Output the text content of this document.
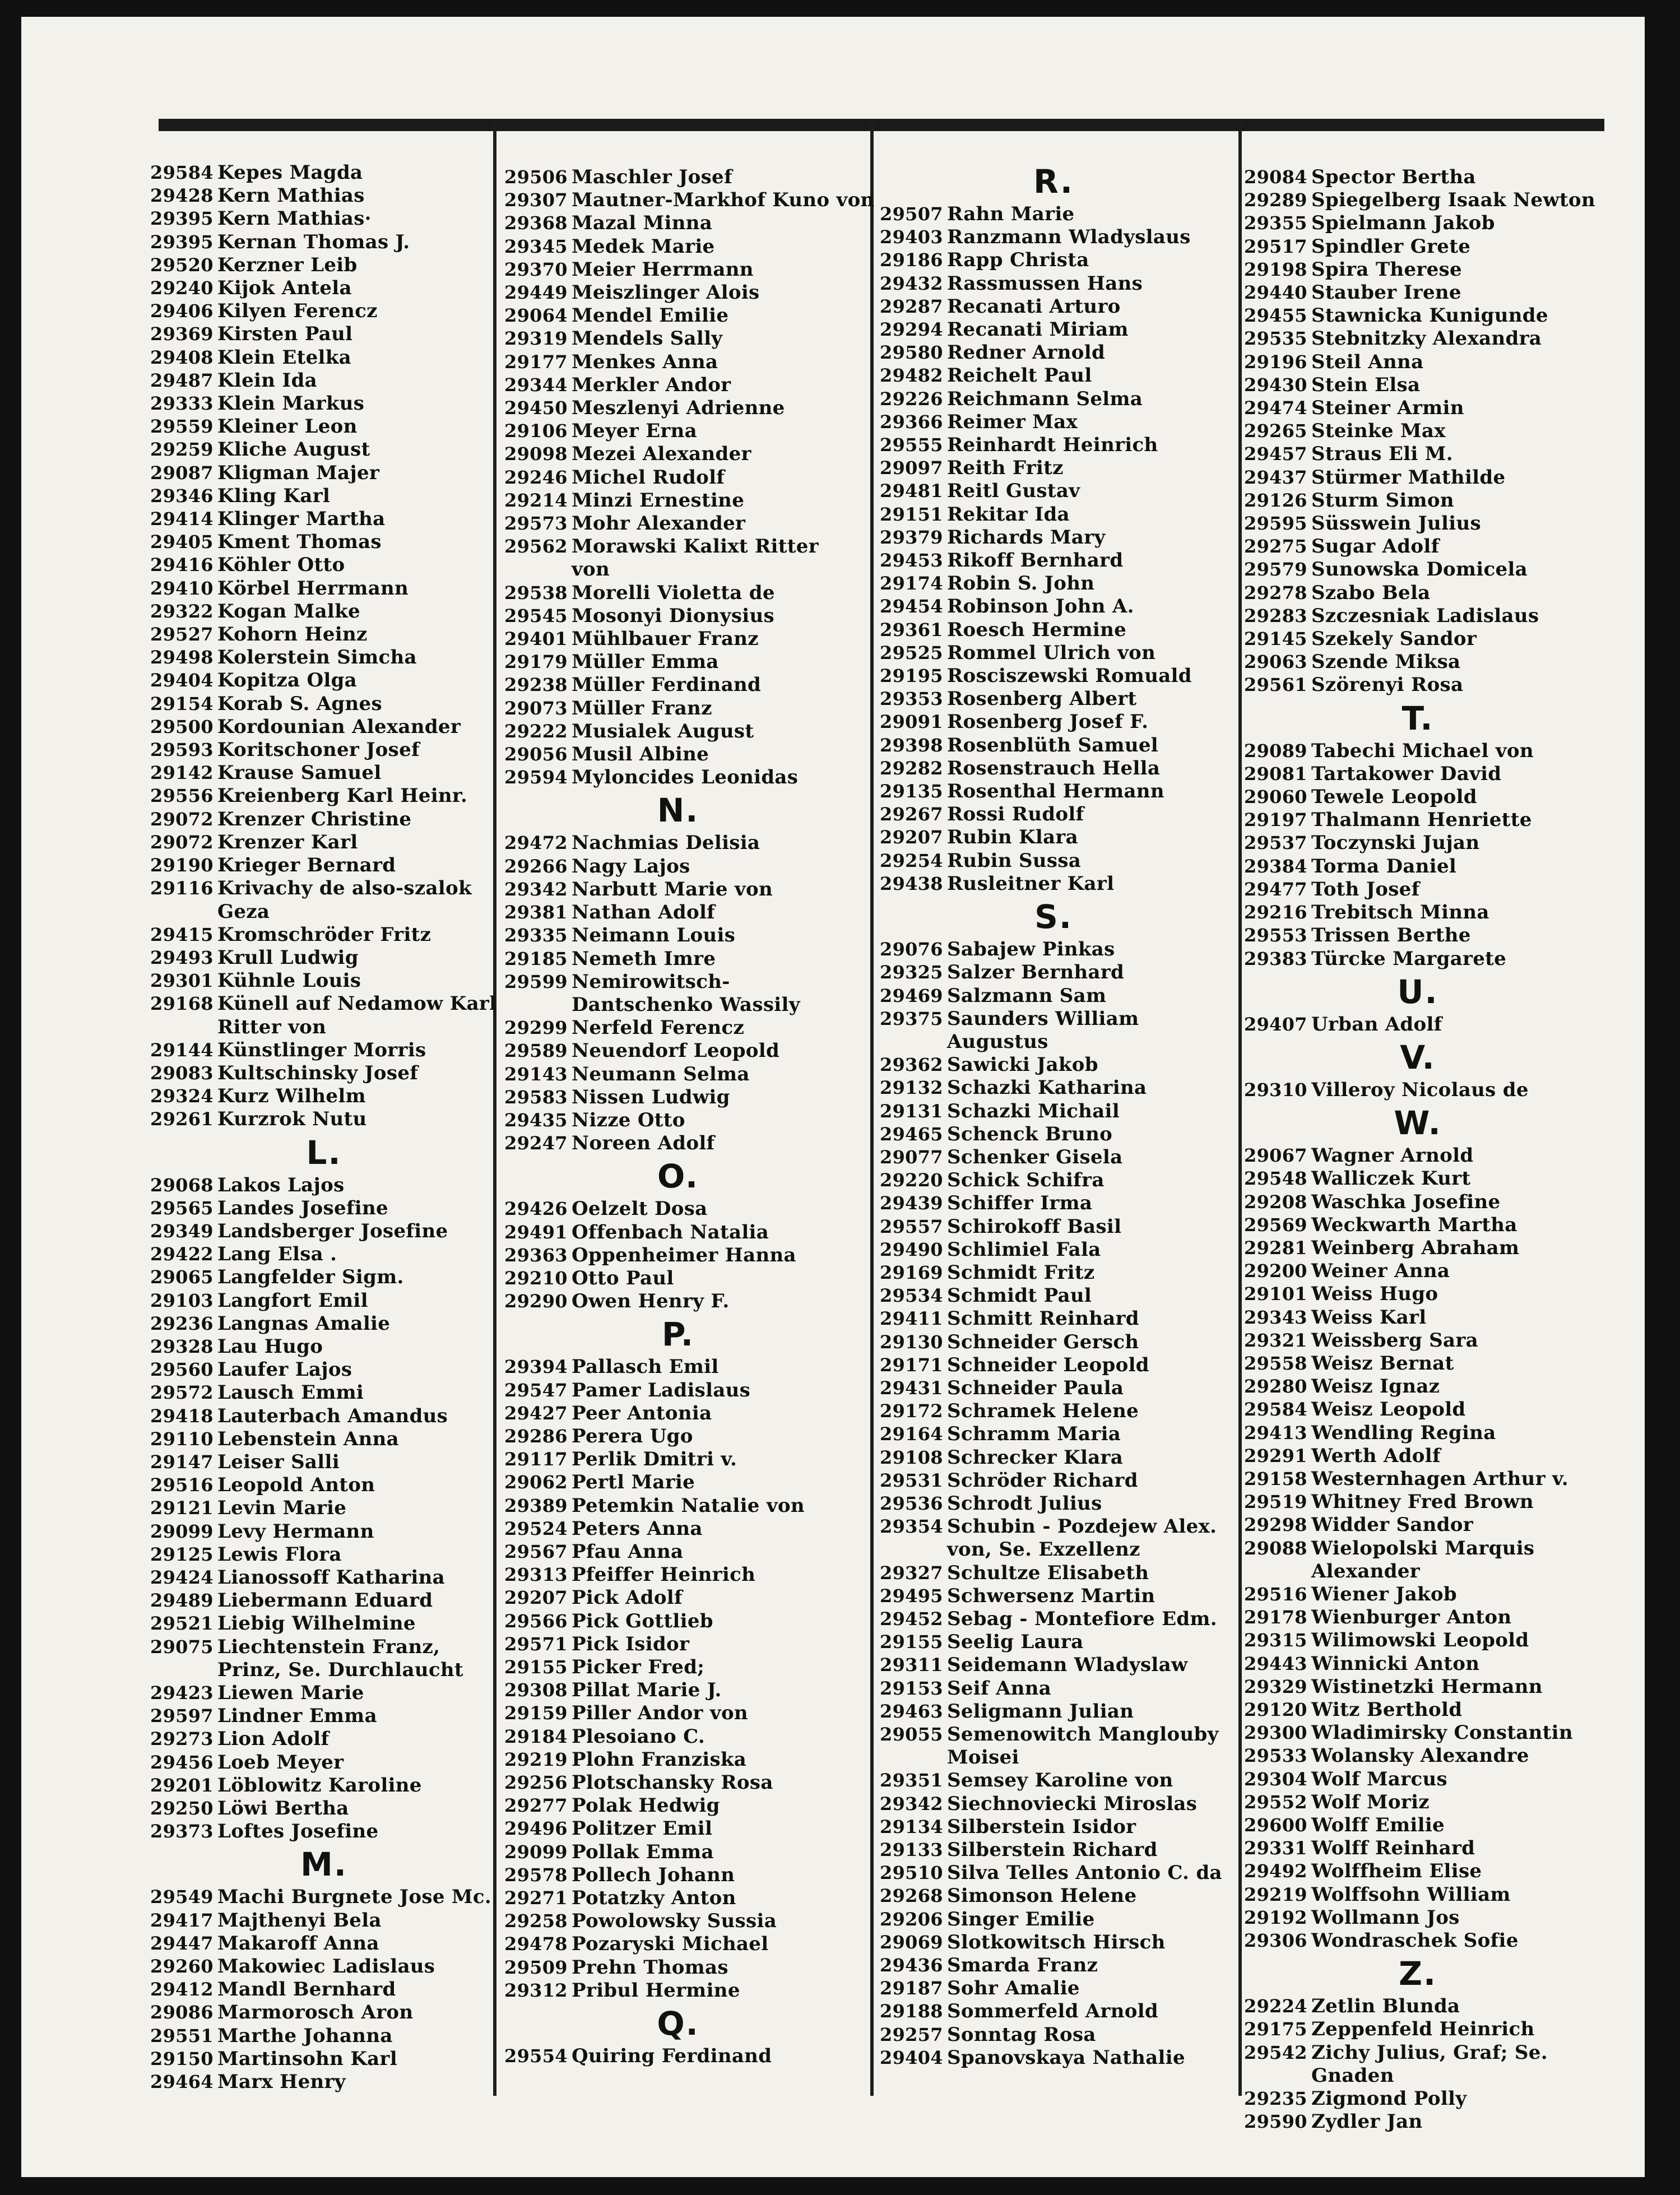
29584 Kepes Magda
29428 Kern Mathias
29395 Kern Mathias·
29395 Kernan Thomas J.
29520 Kerzner Leib
29240 Kijok Antela
29406 Kilyen Ferencz
29369 Kirsten Paul
29408 Klein Etelka
29487 Klein Ida
29333 Klein Markus
29559 Kleiner Leon
29259 Kliche August
29087 Kligman Majer
29346 Kling Karl
29414 Klinger Martha
29405 Kment Thomas
29416 Köhler Otto
29410 Körbel Herrmann
29322 Kogan Malke
29527 Kohorn Heinz
29498 Kolerstein Simcha
29404 Kopitza Olga
29154 Korab S. Agnes
29500 Kordounian Alexander
29593 Koritschoner Josef
29142 Krause Samuel
29556 Kreienberg Karl Heinr.
29072 Krenzer Christine
29072 Krenzer Karl
29190 Krieger Bernard
29116 Krivachy de also-szalok Geza
29415 Kromschröder Fritz
29493 Krull Ludwig
29301 Kühnle Louis
29168 Künell auf Nedamow Karl Ritter von
29144 Künstlinger Morris
29083 Kultschinsky Josef
29324 Kurz Wilhelm
29261 Kurzrok Nutu
L.
29068 Lakos Lajos
29565 Landes Josefine
29349 Landsberger Josefine
29422 Lang Elsa .
29065 Langfelder Sigm.
29103 Langfort Emil
29236 Langnas Amalie
29328 Lau Hugo
29560 Laufer Lajos
29572 Lausch Emmi
29418 Lauterbach Amandus
29110 Lebenstein Anna
29147 Leiser Salli
29516 Leopold Anton
29121 Levin Marie
29099 Levy Hermann
29125 Lewis Flora
29424 Lianossoff Katharina
29489 Liebermann Eduard
29521 Liebig Wilhelmine
29075 Liechtenstein Franz, Prinz, Se. Durchlaucht
29423 Liewen Marie
29597 Lindner Emma
29273 Lion Adolf
29456 Loeb Meyer
29201 Löblowitz Karoline
29250 Löwi Bertha
29373 Loftes Josefine
M.
29549 Machi Burgnete Jose Mc.
29417 Majthenyi Bela
29447 Makaroff Anna
29260 Makowiec Ladislaus
29412 Mandl Bernhard
29086 Marmorosch Aron
29551 Marthe Johanna
29150 Martinsohn Karl
29464 Marx Henry
29506 Maschler Josef
29307 Mautner-Markhof Kuno von
29368 Mazal Minna
29345 Medek Marie
29370 Meier Herrmann
29449 Meiszlinger Alois
29064 Mendel Emilie
29319 Mendels Sally
29177 Menkes Anna
29344 Merkler Andor
29450 Meszlenyi Adrienne
29106 Meyer Erna
29098 Mezei Alexander
29246 Michel Rudolf
29214 Minzi Ernestine
29573 Mohr Alexander
29562 Morawski Kalixt Ritter von
29538 Morelli Violetta de
29545 Mosonyi Dionysius
29401 Mühlbauer Franz
29179 Müller Emma
29238 Müller Ferdinand
29073 Müller Franz
29222 Musialek August
29056 Musil Albine
29594 Myloncides Leonidas
N.
29472 Nachmias Delisia
29266 Nagy Lajos
29342 Narbutt Marie von
29381 Nathan Adolf
29335 Neimann Louis
29185 Nemeth Imre
29599 Nemirowitsch-Dantschenko Wassily
29299 Nerfeld Ferencz
29589 Neuendorf Leopold
29143 Neumann Selma
29583 Nissen Ludwig
29435 Nizze Otto
29247 Noreen Adolf
O.
29426 Oelzelt Dosa
29491 Offenbach Natalia
29363 Oppenheimer Hanna
29210 Otto Paul
29290 Owen Henry F.
P.
29394 Pallasch Emil
29547 Pamer Ladislaus
29427 Peer Antonia
29286 Perera Ugo
29117 Perlik Dmitri v.
29062 Pertl Marie
29389 Petemkin Natalie von
29524 Peters Anna
29567 Pfau Anna
29313 Pfeiffer Heinrich
29207 Pick Adolf
29566 Pick Gottlieb
29571 Pick Isidor
29155 Picker Fred;
29308 Pillat Marie J.
29159 Piller Andor von
29184 Plesoiano C.
29219 Plohn Franziska
29256 Plotschansky Rosa
29277 Polak Hedwig
29496 Politzer Emil
29099 Pollak Emma
29578 Pollech Johann
29271 Potatzky Anton
29258 Powolowsky Sussia
29478 Pozaryski Michael
29509 Prehn Thomas
29312 Pribul Hermine
Q.
29554 Quiring Ferdinand
R.
29507 Rahn Marie
29403 Ranzmann Wladyslaus
29186 Rapp Christa
29432 Rassmussen Hans
29287 Recanati Arturo
29294 Recanati Miriam
29580 Redner Arnold
29482 Reichelt Paul
29226 Reichmann Selma
29366 Reimer Max
29555 Reinhardt Heinrich
29097 Reith Fritz
29481 Reitl Gustav
29151 Rekitar Ida
29379 Richards Mary
29453 Rikoff Bernhard
29174 Robin S. John
29454 Robinson John A.
29361 Roesch Hermine
29525 Rommel Ulrich von
29195 Rosciszewski Romuald
29353 Rosenberg Albert
29091 Rosenberg Josef F.
29398 Rosenblüth Samuel
29282 Rosenstrauch Hella
29135 Rosenthal Hermann
29267 Rossi Rudolf
29207 Rubin Klara
29254 Rubin Sussa
29438 Rusleitner Karl
S.
29076 Sabajew Pinkas
29325 Salzer Bernhard
29469 Salzmann Sam
29375 Saunders William Augustus
29362 Sawicki Jakob
29132 Schazki Katharina
29131 Schazki Michail
29465 Schenck Bruno
29077 Schenker Gisela
29220 Schick Schifra
29439 Schiffer Irma
29557 Schirokoff Basil
29490 Schlimiel Fala
29169 Schmidt Fritz
29534 Schmidt Paul
29411 Schmitt Reinhard
29130 Schneider Gersch
29171 Schneider Leopold
29431 Schneider Paula
29172 Schramek Helene
29164 Schramm Maria
29108 Schrecker Klara
29531 Schröder Richard
29536 Schrodt Julius
29354 Schubin - Pozdejew Alex. von, Se. Exzellenz
29327 Schultze Elisabeth
29495 Schwersenz Martin
29452 Sebag - Montefiore Edm.
29155 Seelig Laura
29311 Seidemann Wladyslaw
29153 Seif Anna
29463 Seligmann Julian
29055 Semenowitch Manglouby Moisei
29351 Semsey Karoline von
29342 Siechnoviecki Miroslas
29134 Silberstein Isidor
29133 Silberstein Richard
29510 Silva Telles Antonio C. da
29268 Simonson Helene
29206 Singer Emilie
29069 Slotkowitsch Hirsch
29436 Smarda Franz
29187 Sohr Amalie
29188 Sommerfeld Arnold
29257 Sonntag Rosa
29404 Spanovskaya Nathalie
29084 Spector Bertha
29289 Spiegelberg Isaak Newton
29355 Spielmann Jakob
29517 Spindler Grete
29198 Spira Therese
29440 Stauber Irene
29455 Stawnicka Kunigunde
29535 Stebnitzky Alexandra
29196 Steil Anna
29430 Stein Elsa
29474 Steiner Armin
29265 Steinke Max
29457 Straus Eli M.
29437 Stürmer Mathilde
29126 Sturm Simon
29595 Süsswein Julius
29275 Sugar Adolf
29579 Sunowska Domicela
29278 Szabo Bela
29283 Szczesniak Ladislaus
29145 Szekely Sandor
29063 Szende Miksa
29561 Szörenyi Rosa
T.
29089 Tabechi Michael von
29081 Tartakower David
29060 Tewele Leopold
29197 Thalmann Henriette
29537 Toczynski Jujan
29384 Torma Daniel
29477 Toth Josef
29216 Trebitsch Minna
29553 Trissen Berthe
29383 Türcke Margarete
U.
29407 Urban Adolf
V.
29310 Villeroy Nicolaus de
W.
29067 Wagner Arnold
29548 Walliczek Kurt
29208 Waschka Josefine
29569 Weckwarth Martha
29281 Weinberg Abraham
29200 Weiner Anna
29101 Weiss Hugo
29343 Weiss Karl
29321 Weissberg Sara
29558 Weisz Bernat
29280 Weisz Ignaz
29584 Weisz Leopold
29413 Wendling Regina
29291 Werth Adolf
29158 Westernhagen Arthur v.
29519 Whitney Fred Brown
29298 Widder Sandor
29088 Wielopolski Marquis Alexander
29516 Wiener Jakob
29178 Wienburger Anton
29315 Wilimowski Leopold
29443 Winnicki Anton
29329 Wistinetzki Hermann
29120 Witz Berthold
29300 Wladimirsky Constantin
29533 Wolansky Alexandre
29304 Wolf Marcus
29552 Wolf Moriz
29600 Wolff Emilie
29331 Wolff Reinhard
29492 Wolffheim Elise
29219 Wolffsohn William
29192 Wollmann Jos
29306 Wondraschek Sofie
Z.
29224 Zetlin Blunda
29175 Zeppenfeld Heinrich
29542 Zichy Julius, Graf; Se. Gnaden
29235 Zigmond Polly
29590 Zydler Jan
